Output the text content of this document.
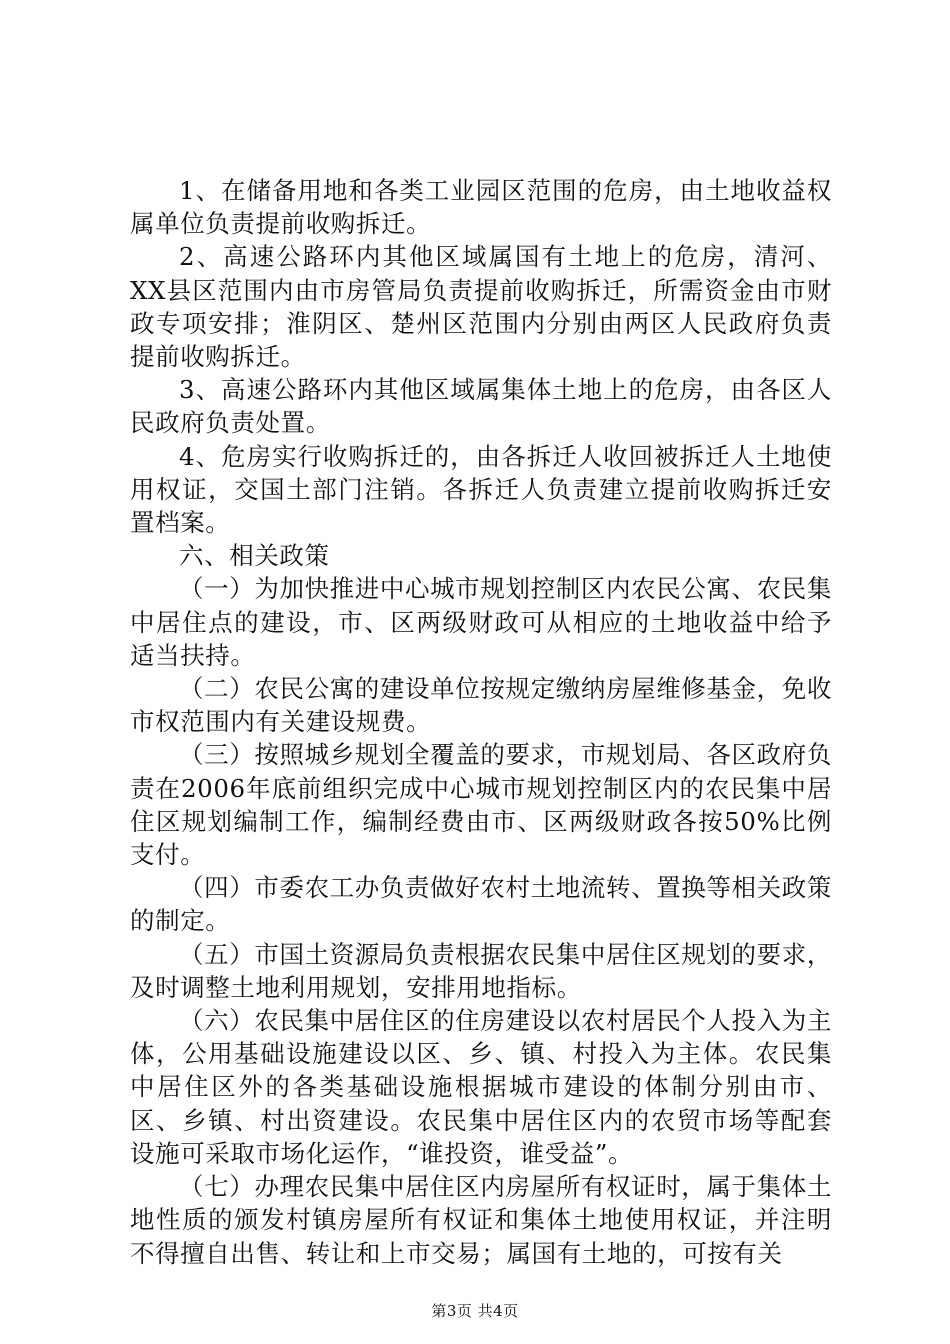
1、在储备用地和各类工业园区范围的危房，由土地收益权属单位负责提前收购拆迁。

2、高速公路环内其他区域属国有土地上的危房，清河、XX县区范围内由市房管局负责提前收购拆迁，所需资金由市财政专项安排；淮阴区、楚州区范围内分别由两区人民政府负责提前收购拆迁。

3、高速公路环内其他区域属集体土地上的危房，由各区人民政府负责处置。

4、危房实行收购拆迁的，由各拆迁人收回被拆迁人土地使用权证，交国土部门注销。各拆迁人负责建立提前收购拆迁安置档案。

六、相关政策

（一）为加快推进中心城市规划控制区内农民公寓、农民集中居住点的建设，市、区两级财政可从相应的土地收益中给予适当扶持。

（二）农民公寓的建设单位按规定缴纳房屋维修基金，免收市权范围内有关建设规费。

（三）按照城乡规划全覆盖的要求，市规划局、各区政府负责在2006年底前组织完成中心城市规划控制区内的农民集中居住区规划编制工作，编制经费由市、区两级财政各按50%比例支付。

（四）市委农工办负责做好农村土地流转、置换等相关政策的制定。

（五）市国土资源局负责根据农民集中居住区规划的要求，及时调整土地利用规划，安排用地指标。

（六）农民集中居住区的住房建设以农村居民个人投入为主体，公用基础设施建设以区、乡、镇、村投入为主体。农民集中居住区外的各类基础设施根据城市建设的体制分别由市、区、乡镇、村出资建设。农民集中居住区内的农贸市场等配套设施可采取市场化运作，“谁投资，谁受益”。

（七）办理农民集中居住区内房屋所有权证时，属于集体土地性质的颁发村镇房屋所有权证和集体土地使用权证，并注明不得擅自出售、转让和上市交易；属国有土地的，可按有关

第3页 共4页
